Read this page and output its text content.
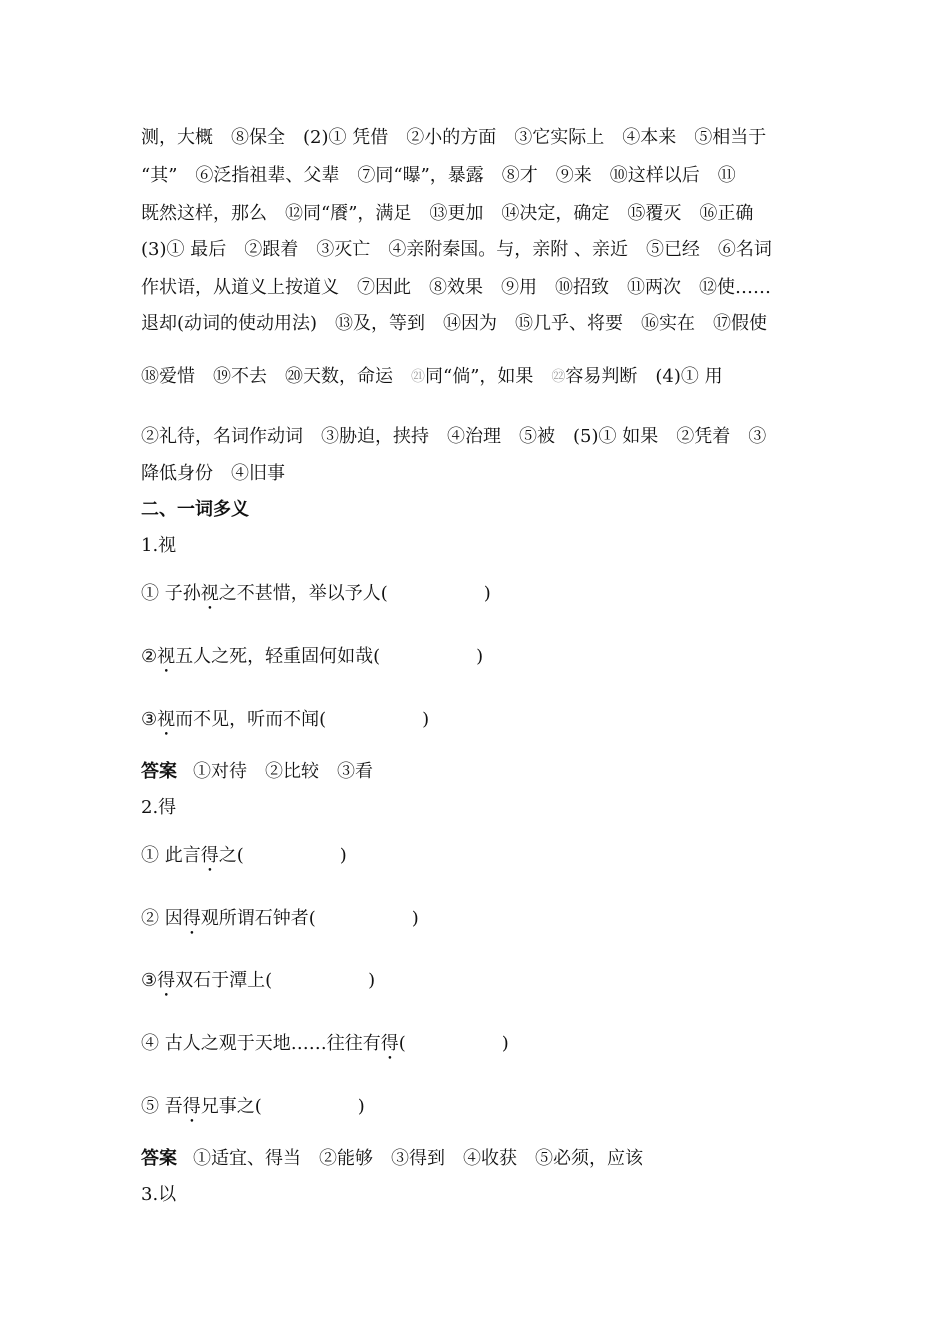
测，大概　⑧保全　(2)① 凭借　②小的方面　③它实际上　④本来　⑤相当于
“其”　⑥泛指祖辈、父辈　⑦同“曝”，暴露　⑧才　⑨来　⑩这样以后　⑪
既然这样，那么　⑫同“餍”，满足　⑬更加　⑭决定，确定　⑮覆灭　⑯正确
(3)① 最后　②跟着　③灭亡　④亲附秦国。与，亲附 、亲近　⑤已经　⑥名词
作状语，从道义上按道义　⑦因此　⑧效果　⑨用　⑩招致　⑪两次　⑫使……
退却(动词的使动用法)　⑬及，等到　⑭因为　⑮几乎、将要　⑯实在　⑰假使
⑱爱惜　⑲不去　⑳天数，命运　 ㉑ 同“倘”，如果　 ㉒ 容易判断　(4)① 用
②礼待，名词作动词　③胁迫，挟持　④治理　⑤被　(5)① 如果　②凭着　③
降低身份　④旧事
二、一词多义
1.视
① 子孙 视 之不甚惜，举以予人(	)
② 视 五人之死，轻重固何如哉(	)
③ 视 而不见，听而不闻(	)
答案 ①对待　②比较　③看
2.得
① 此言 得 之(	)
② 因 得 观所谓石钟者(	)
③ 得 双石于潭上(	)
④ 古人之观于天地……往往有 得 (	)
⑤ 吾 得 兄事之(	)
答案 ①适宜、得当　②能够　③得到　④收获　⑤必须，应该
3.以
